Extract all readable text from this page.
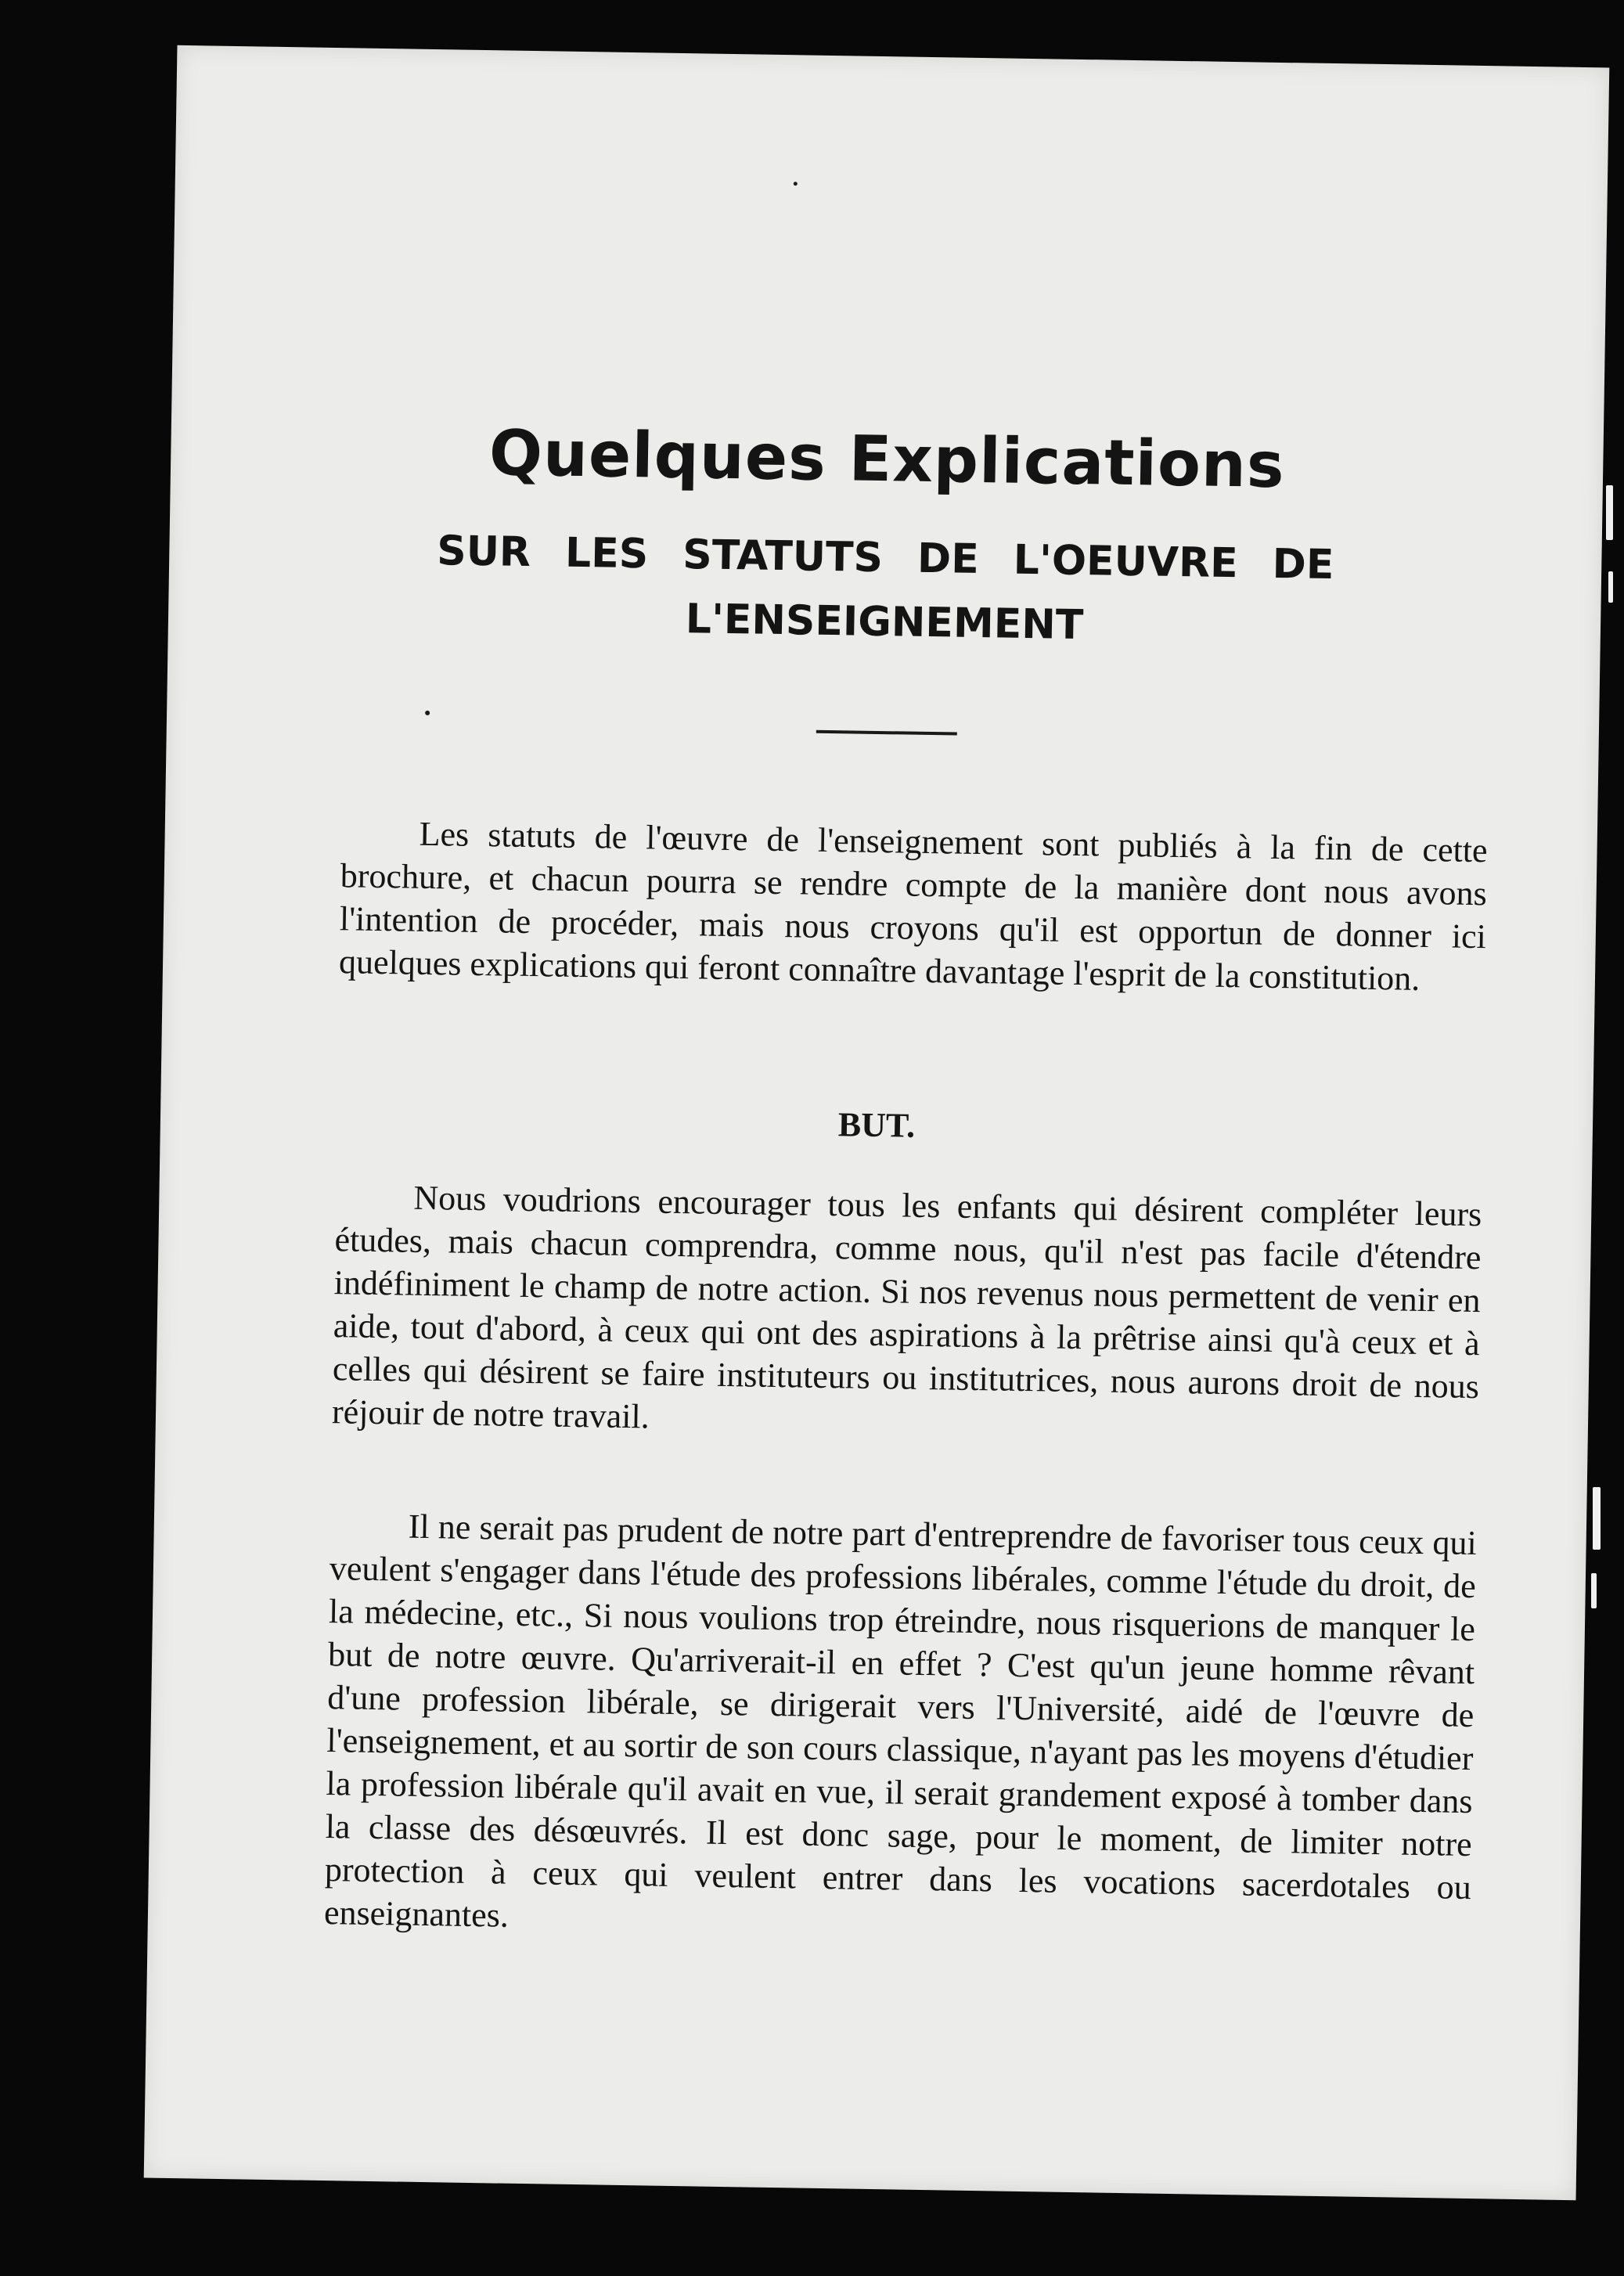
Quelques Explications
SUR LES STATUTS DE L'OEUVRE DE L'ENSEIGNEMENT

Les statuts de l'œuvre de l'enseignement sont publiés à la fin de cette brochure, et chacun pourra se rendre compte de la manière dont nous avons l'intention de procéder, mais nous croyons qu'il est opportun de donner ici quelques explications qui feront connaître davantage l'esprit de la constitution.

BUT.

Nous voudrions encourager tous les enfants qui désirent compléter leurs études, mais chacun comprendra, comme nous, qu'il n'est pas facile d'étendre indéfiniment le champ de notre action. Si nos revenus nous permettent de venir en aide, tout d'abord, à ceux qui ont des aspirations à la prêtrise ainsi qu'à ceux et à celles qui désirent se faire instituteurs ou institutrices, nous aurons droit de nous réjouir de notre travail.

Il ne serait pas prudent de notre part d'entreprendre de favoriser tous ceux qui veulent s'engager dans l'étude des professions libérales, comme l'étude du droit, de la médecine, etc., Si nous voulions trop étreindre, nous risquerions de manquer le but de notre œuvre. Qu'arriverait-il en effet ? C'est qu'un jeune homme rêvant d'une profession libérale, se dirigerait vers l'Université, aidé de l'œuvre de l'enseignement, et au sortir de son cours classique, n'ayant pas les moyens d'étudier la profession libérale qu'il avait en vue, il serait grandement exposé à tomber dans la classe des désœuvrés. Il est donc sage, pour le moment, de limiter notre protection à ceux qui veulent entrer dans les vocations sacerdotales ou enseignantes.
